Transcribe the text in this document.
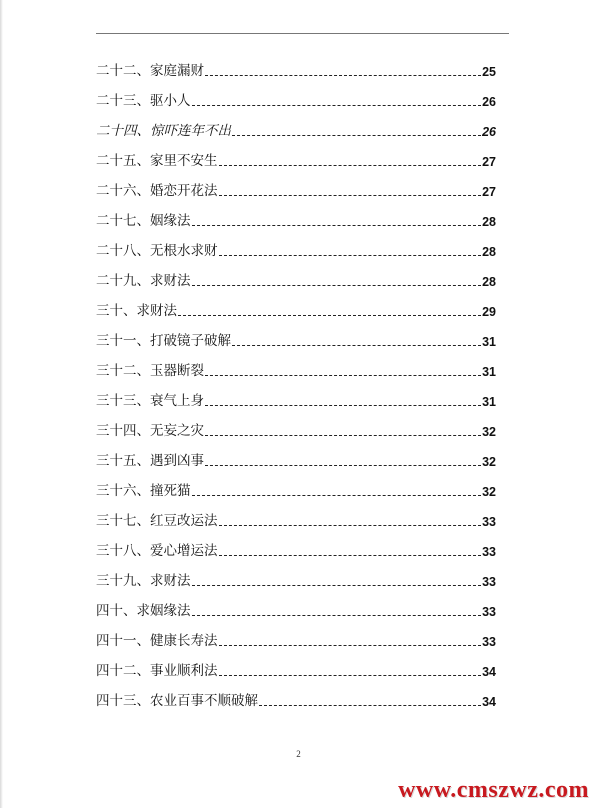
二十二、家庭漏财	25
二十三、驱小人	26
二十四、惊吓连年不出	26
二十五、家里不安生	27
二十六、婚恋开花法	27
二十七、姻缘法	28
二十八、无根水求财	28
二十九、求财法	28
三十、求财法	29
三十一、打破镜子破解	31
三十二、玉器断裂	31
三十三、衰气上身	31
三十四、无妄之灾	32
三十五、遇到凶事	32
三十六、撞死猫	32
三十七、红豆改运法	33
三十八、爱心增运法	33
三十九、求财法	33
四十、求姻缘法	33
四十一、健康长寿法	33
四十二、事业顺利法	34
四十三、农业百事不顺破解	34
2
www.cmszwz.com
